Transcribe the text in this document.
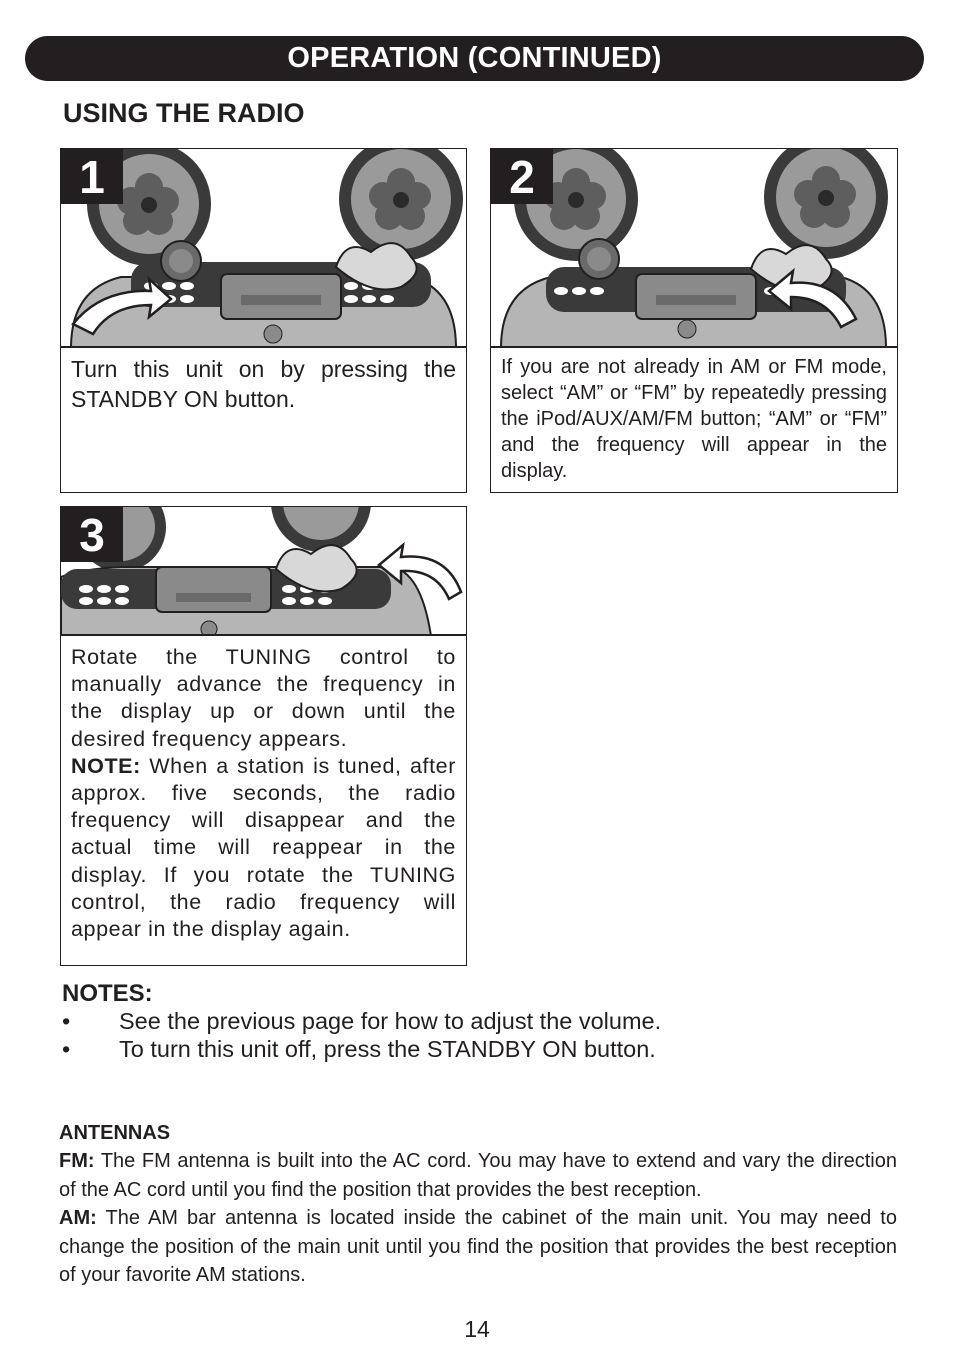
OPERATION (CONTINUED)
USING THE RADIO
1
Turn this unit on by pressing the STANDBY ON button.
2
If you are not already in AM or FM mode, select “AM” or “FM” by repeatedly pressing the iPod/AUX/AM/FM button; “AM” or “FM” and the frequency will appear in the display.
3
Rotate the TUNING control to manually advance the frequency in the display up or down until the desired frequency appears.
NOTE: When a station is tuned, after approx. five seconds, the radio frequency will disappear and the actual time will reappear in the display. If you rotate the TUNING control, the radio frequency will appear in the display again.
NOTES:
• See the previous page for how to adjust the volume.
• To turn this unit off, press the STANDBY ON button.
ANTENNAS
FM: The FM antenna is built into the AC cord. You may have to extend and vary the direction of the AC cord until you find the position that provides the best reception.
AM: The AM bar antenna is located inside the cabinet of the main unit. You may need to change the position of the main unit until you find the position that provides the best reception of your favorite AM stations.
14
